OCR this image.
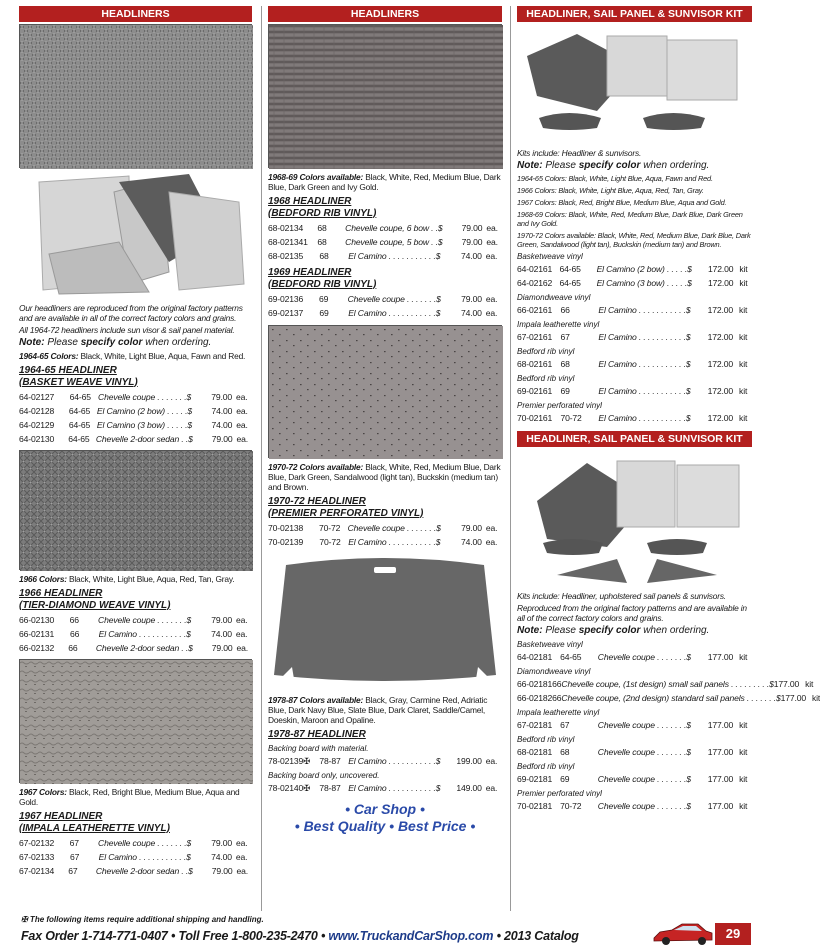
HEADLINERS
Our headliners are reproduced from the original factory patterns and are available in all of the correct factory colors and grains.
All 1964-72 headliners include sun visor & sail panel material.
Note: Please specify color when ordering.
1964-65 Colors: Black, White, Light Blue, Aqua, Fawn and Red.
1964-65 HEADLINER
(BASKET WEAVE VINYL)
64-02127	64-65 Chevelle coupe . . . . . . .$	79.00 ea.
64-02128	64-65 El Camino (2 bow) . . . . .$	74.00 ea.
64-02129	64-65 El Camino (3 bow) . . . . .$	74.00 ea.
64-02130	64-65 Chevelle 2-door sedan . .$	79.00 ea.
1966 Colors: Black, White, Light Blue, Aqua, Red, Tan, Gray.
1966 HEADLINER
(TIER-DIAMOND WEAVE VINYL)
66-02130	66	Chevelle coupe . . . . . . .$	79.00 ea.
66-02131	66	El Camino . . . . . . . . . . .$	74.00 ea.
66-02132	66	Chevelle 2-door sedan . .$	79.00 ea.
1967 Colors: Black, Red, Bright Blue, Medium Blue, Aqua and Gold.
1967 HEADLINER
(IMPALA LEATHERETTE VINYL)
67-02132	67	Chevelle coupe . . . . . . .$	79.00 ea.
67-02133	67	El Camino . . . . . . . . . . .$	74.00 ea.
67-02134	67	Chevelle 2-door sedan . .$	79.00 ea.
HEADLINERS
1968-69 Colors available: Black, White, Red, Medium Blue, Dark Blue, Dark Green and Ivy Gold.
1968 HEADLINER
(BEDFORD RIB VINYL)
68-02134	68	Chevelle coupe, 6 bow . .$	79.00 ea.
68-021341	68	Chevelle coupe, 5 bow . .$	79.00 ea.
68-02135	68	El Camino . . . . . . . . . . .$	74.00 ea.
1969 HEADLINER
(BEDFORD RIB VINYL)
69-02136	69	Chevelle coupe . . . . . . .$	79.00 ea.
69-02137	69	El Camino . . . . . . . . . . .$	74.00 ea.
1970-72 Colors available: Black, White, Red, Medium Blue, Dark Blue, Dark Green, Sandalwood (light tan), Buckskin (medium tan) and Brown.
1970-72 HEADLINER
(PREMIER PERFORATED VINYL)
70-02138	70-72 Chevelle coupe . . . . . . .$	79.00 ea.
70-02139	70-72 El Camino . . . . . . . . . . .$	74.00 ea.
1978-87 Colors available: Black, Gray, Carmine Red, Adriatic Blue, Dark Navy Blue, Slate Blue, Dark Claret, Saddle/Camel, Doeskin, Maroon and Opaline.
1978-87 HEADLINER
Backing board with material.
78-02139✠	78-87 El Camino . . . . . . . . . . .$	199.00 ea.
Backing board only, uncovered.
78-02140✠	78-87 El Camino . . . . . . . . . . .$	149.00 ea.
• Car Shop •
• Best Quality • Best Price •
HEADLINER, SAIL PANEL & SUNVISOR KIT
Kits include: Headliner & sunvisors.
Note: Please specify color when ordering.
1964-65 Colors: Black, White, Light Blue, Aqua, Fawn and Red.
1966 Colors: Black, White, Light Blue, Aqua, Red, Tan, Gray.
1967 Colors: Black, Red, Bright Blue, Medium Blue, Aqua and Gold.
1968-69 Colors: Black, White, Red, Medium Blue, Dark Blue, Dark Green and Ivy Gold.
1970-72 Colors available: Black, White, Red, Medium Blue, Dark Blue, Dark Green, Sandalwood (light tan), Buckskin (medium tan) and Brown.
Basketweave vinyl
64-02161 64-65	El Camino (2 bow) . . . . .$	172.00 kit
64-02162 64-65	El Camino (3 bow) . . . . .$	172.00 kit
Diamondweave vinyl
66-02161 66	El Camino . . . . . . . . . . .$	172.00 kit
Impala leatherette vinyl
67-02161 67	El Camino . . . . . . . . . . .$	172.00 kit
Bedford rib vinyl
68-02161 68	El Camino . . . . . . . . . . .$	172.00 kit
Bedford rib vinyl
69-02161 69	El Camino . . . . . . . . . . .$	172.00 kit
Premier perforated vinyl
70-02161 70-72	El Camino . . . . . . . . . . .$	172.00 kit
HEADLINER, SAIL PANEL & SUNVISOR KIT
Kits include: Headliner, upholstered sail panels & sunvisors.
Reproduced from the original factory patterns and are available in all of the correct factory colors and grains.
Note: Please specify color when ordering.
Basketweave vinyl
64-02181 64-65	Chevelle coupe . . . . . . .$	177.00 kit
Diamondweave vinyl
66-02181 66 Chevelle coupe, (1st design) small sail panels . . . . . . . . .$ 177.00 kit
66-02182 66 Chevelle coupe, (2nd design) standard sail panels . . . . . . .$ 177.00 kit
Impala leatherette vinyl
67-02181 67	Chevelle coupe . . . . . . .$	177.00 kit
Bedford rib vinyl
68-02181 68	Chevelle coupe . . . . . . .$	177.00 kit
Bedford rib vinyl
69-02181 69	Chevelle coupe . . . . . . .$	177.00 kit
Premier perforated vinyl
70-02181 70-72	Chevelle coupe . . . . . . .$	177.00 kit
✠ The following items require additional shipping and handling.
Fax Order 1-714-771-0407 • Toll Free 1-800-235-2470 • www.TruckandCarShop.com • 2013 Catalog	29
